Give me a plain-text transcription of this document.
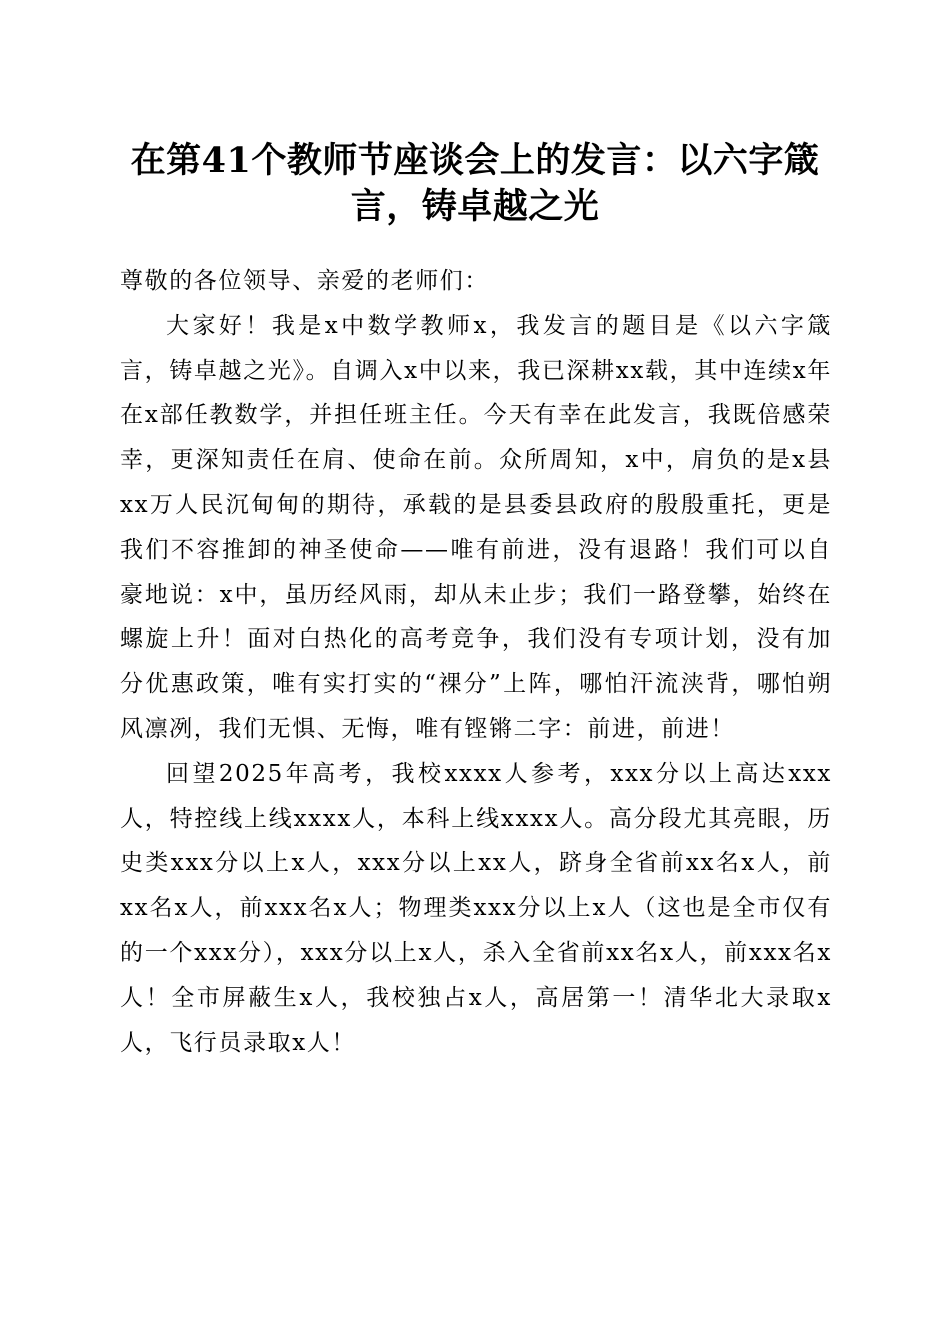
在第41个教师节座谈会上的发言：以六字箴言，铸卓越之光

尊敬的各位领导、亲爱的老师们：

大家好！我是x中数学教师x，我发言的题目是《以六字箴言，铸卓越之光》。自调入x中以来，我已深耕xx载，其中连续x年在x部任教数学，并担任班主任。今天有幸在此发言，我既倍感荣幸，更深知责任在肩、使命在前。众所周知，x中，肩负的是x县xx万人民沉甸甸的期待，承载的是县委县政府的殷殷重托，更是我们不容推卸的神圣使命——唯有前进，没有退路！我们可以自豪地说：x中，虽历经风雨，却从未止步；我们一路登攀，始终在螺旋上升！面对白热化的高考竞争，我们没有专项计划，没有加分优惠政策，唯有实打实的“裸分”上阵，哪怕汗流浃背，哪怕朔风凛冽，我们无惧、无悔，唯有铿锵二字：前进，前进！

回望2025年高考，我校xxxx人参考，xxx分以上高达xxx人，特控线上线xxxx人，本科上线xxxx人。高分段尤其亮眼，历史类xxx分以上x人，xxx分以上xx人，跻身全省前xx名x人，前xx名x人，前xxx名x人；物理类xxx分以上x人（这也是全市仅有的一个xxx分），xxx分以上x人，杀入全省前xx名x人，前xxx名x人！全市屏蔽生x人，我校独占x人，高居第一！清华北大录取x人，飞行员录取x人！
